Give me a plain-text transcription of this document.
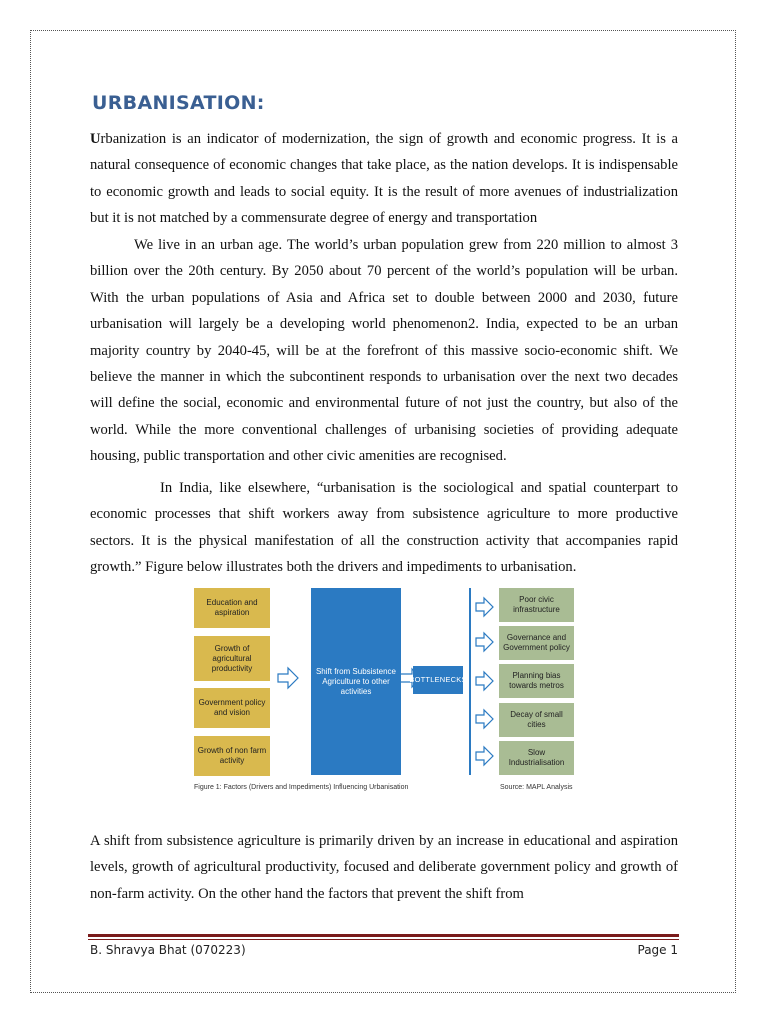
URBANISATION:

Urbanization is an indicator of modernization, the sign of growth and economic progress. It is a natural consequence of economic changes that take place, as the nation develops. It is indispensable to economic growth and leads to social equity. It is the result of more avenues of industrialization but it is not matched by a commensurate degree of energy and transportation

We live in an urban age. The world’s urban population grew from 220 million to almost 3 billion over the 20th century. By 2050 about 70 percent of the world’s population will be urban. With the urban populations of Asia and Africa set to double between 2000 and 2030, future urbanisation will largely be a developing world phenomenon2. India, expected to be an urban majority country by 2040-45, will be at the forefront of this massive socio-economic shift. We believe the manner in which the subcontinent responds to urbanisation over the next two decades will define the social, economic and environmental future of not just the country, but also of the world. While the more conventional challenges of urbanising societies of providing adequate housing, public transportation and other civic amenities are recognised.

In India, like elsewhere, “urbanisation is the sociological and spatial counterpart to economic processes that shift workers away from subsistence agriculture to more productive sectors. It is the physical manifestation of all the construction activity that accompanies rapid growth.” Figure below illustrates both the drivers and impediments to urbanisation.

Education and aspiration
Growth of agricultural productivity
Government policy and vision
Growth of non farm activity
Shift from Subsistence Agriculture to other activities
BOTTLENECKS
Poor civic infrastructure
Governance and Government policy
Planning bias towards metros
Decay of small cities
Slow Industrialisation
Figure 1: Factors (Drivers and Impediments) Influencing Urbanisation	Source: MAPL Analysis

A shift from subsistence agriculture is primarily driven by an increase in educational and aspiration levels, growth of agricultural productivity, focused and deliberate government policy and growth of non-farm activity. On the other hand the factors that prevent the shift from

B. Shravya Bhat (070223)	Page 1
